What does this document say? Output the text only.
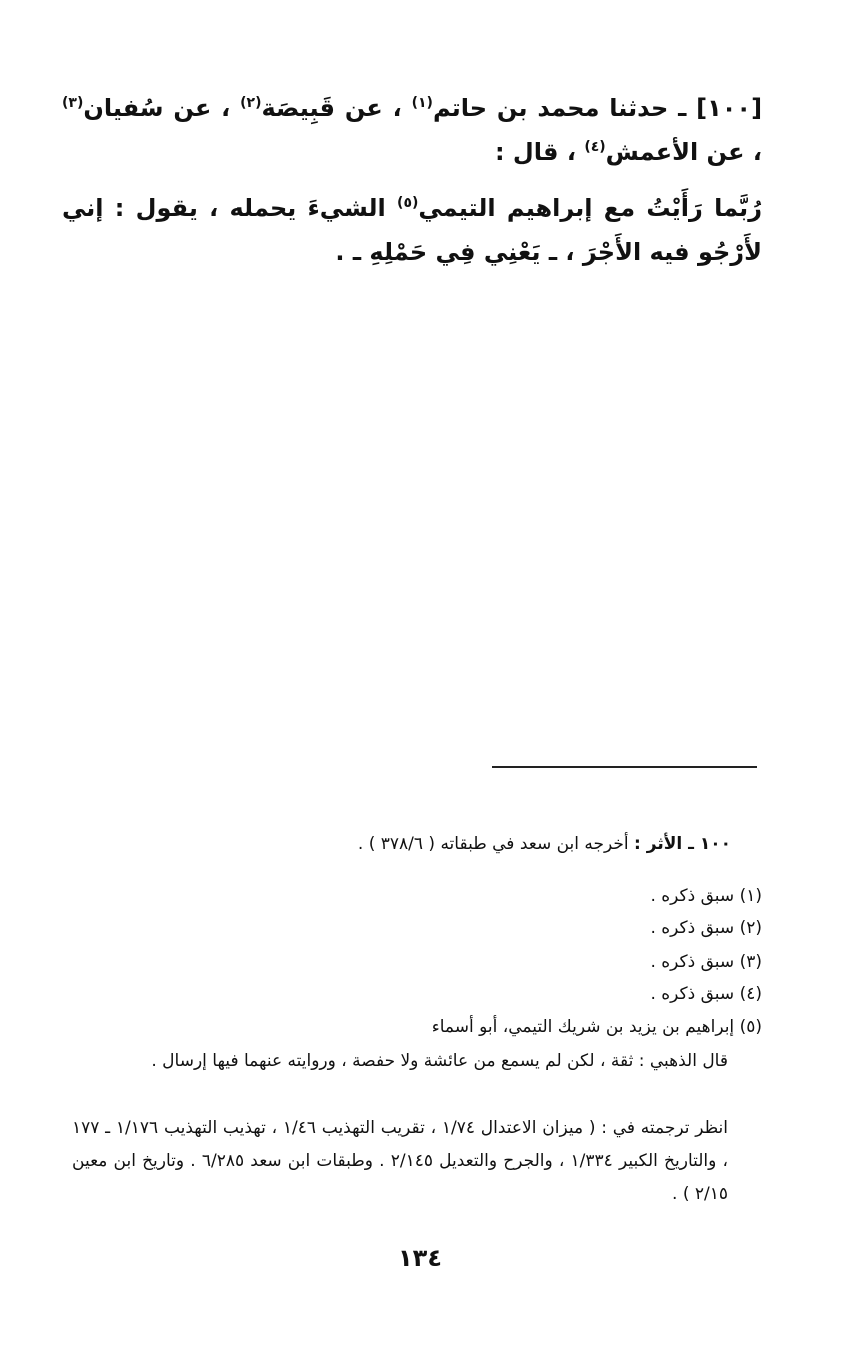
[١٠٠] ـ حدثنا محمد بن حاتم$^{(١)}$ ، عن قَبِيصَة$^{(٢)}$ ، عن سُفيان$^{(٣)}$ ، عن الأعمش$^{(٤)}$ ، قال :

رُبَّما رَأَيْتُ مع إبراهيم التيمي$^{(٥)}$ الشيءَ يحمله ، يقول : إني لأَرْجُو فيه الأَجْرَ ، ـ يَعْنِي فِي حَمْلِهِ ـ .

١٠٠ ـ الأثر : أخرجه ابن سعد في طبقاته ( ٣٧٨/٦ ) .
(١) سبق ذكره .
(٢) سبق ذكره .
(٣) سبق ذكره .
(٤) سبق ذكره .
(٥) إبراهيم بن يزيد بن شريك التيمي، أبو أسماء
قال الذهبي : ثقة ، لكن لم يسمع من عائشة ولا حفصة ، وروايته عنهما فيها إرسال .
انظر ترجمته في : ( ميزان الاعتدال ١/٧٤ ، تقريب التهذيب ١/٤٦ ، تهذيب التهذيب ١/١٧٦ ـ ١٧٧ ، والتاريخ الكبير ١/٣٣٤ ، والجرح والتعديل ٢/١٤٥ . وطبقات ابن سعد ٦/٢٨٥ . وتاريخ ابن معين ٢/١٥ ) .
١٣٤
